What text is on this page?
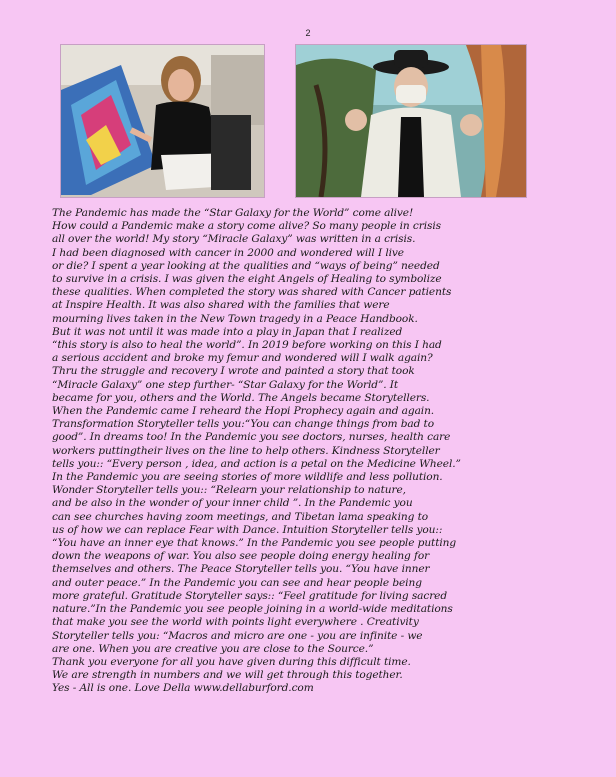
2
The Pandemic has made the “Star Galaxy for the World” come alive!
How could a Pandemic make a story come alive? So many people in crisis
all over the world! My story “Miracle Galaxy” was written in a crisis.
I had been diagnosed with cancer in 2000 and wondered will I live
or die? I spent a year looking at the qualities and “ways of being” needed
to survive in a crisis. I was given the eight Angels of Healing to symbolize
these qualities. When completed the story was shared with Cancer patients
at Inspire Health. It was also shared with the families that were
mourning lives taken in the New Town tragedy in a Peace Handbook.
But it was not until it was made into a play in Japan that I realized
“this story is also to heal the world”. In 2019 before working on this I had
a serious accident and broke my femur and wondered will I walk again?
Thru the struggle and recovery I wrote and painted a story that took
“Miracle Galaxy” one step further- “Star Galaxy for the World”. It
became for you, others and the World. The Angels became Storytellers.
When the Pandemic came I reheard the Hopi Prophecy again and again.
Transformation Storyteller tells you:“You can change things from bad to
good”. In dreams too! In the Pandemic you see doctors, nurses, health care
workers puttingtheir lives on the line to help others. Kindness Storyteller
tells you:: “Every person , idea, and action is a petal on the Medicine Wheel.”
In the Pandemic you are seeing stories of more wildlife and less pollution.
Wonder Storyteller tells you:: “Relearn your relationship to nature,
and be also in the wonder of your inner child ”. In the Pandemic you
can see churches having zoom meetings, and Tibetan lama speaking to
us of how we can replace Fear with Dance. Intuition Storyteller tells you::
“You have an inner eye that knows.” In the Pandemic you see people putting
down the weapons of war. You also see people doing energy healing for
themselves and others. The Peace Storyteller tells you. “You have inner
and outer peace.” In the Pandemic you can see and hear people being
more grateful. Gratitude Storyteller says:: “Feel gratitude for living sacred
nature.”In the Pandemic you see people joining in a world-wide meditations
that make you see the world with points light everywhere . Creativity
Storyteller tells you: “Macros and micro are one - you are infinite - we
are one. When you are creative you are close to the Source.”
Thank you everyone for all you have given during this difficult time.
We are strength in numbers and we will get through this together.
Yes - All is one. Love Della www.dellaburford.com
